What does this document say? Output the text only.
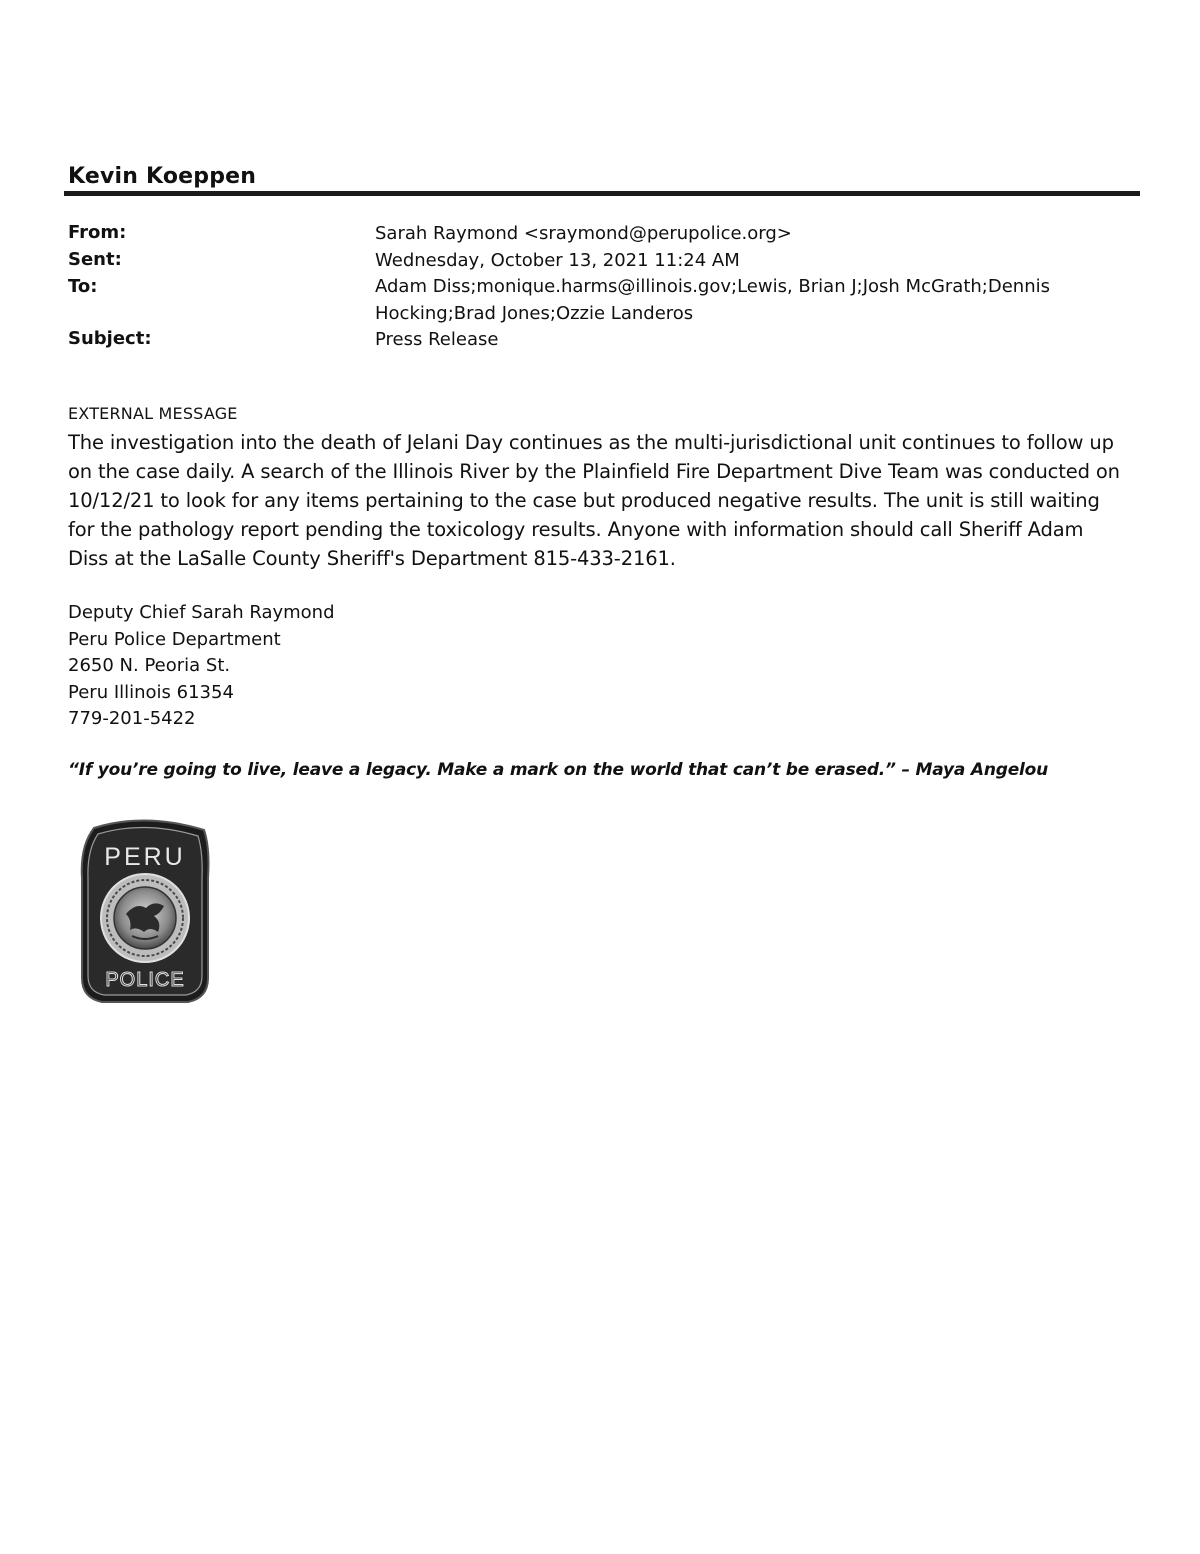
Kevin Koeppen
From:	Sarah Raymond <sraymond@perupolice.org>
Sent:	Wednesday, October 13, 2021 11:24 AM
To:	Adam Diss;monique.harms@illinois.gov;Lewis, Brian J;Josh McGrath;Dennis
Hocking;Brad Jones;Ozzie Landeros
Subject:	Press Release
EXTERNAL MESSAGE
The investigation into the death of Jelani Day continues as the multi-jurisdictional unit continues to follow up
on the case daily. A search of the Illinois River by the Plainfield Fire Department Dive Team was conducted on
10/12/21 to look for any items pertaining to the case but produced negative results. The unit is still waiting
for the pathology report pending the toxicology results. Anyone with information should call Sheriff Adam
Diss at the LaSalle County Sheriff's Department 815-433-2161.
Deputy Chief Sarah Raymond
Peru Police Department
2650 N. Peoria St.
Peru Illinois 61354
779-201-5422
“If you’re going to live, leave a legacy. Make a mark on the world that can’t be erased.” – Maya Angelou
PERU
POLICE
